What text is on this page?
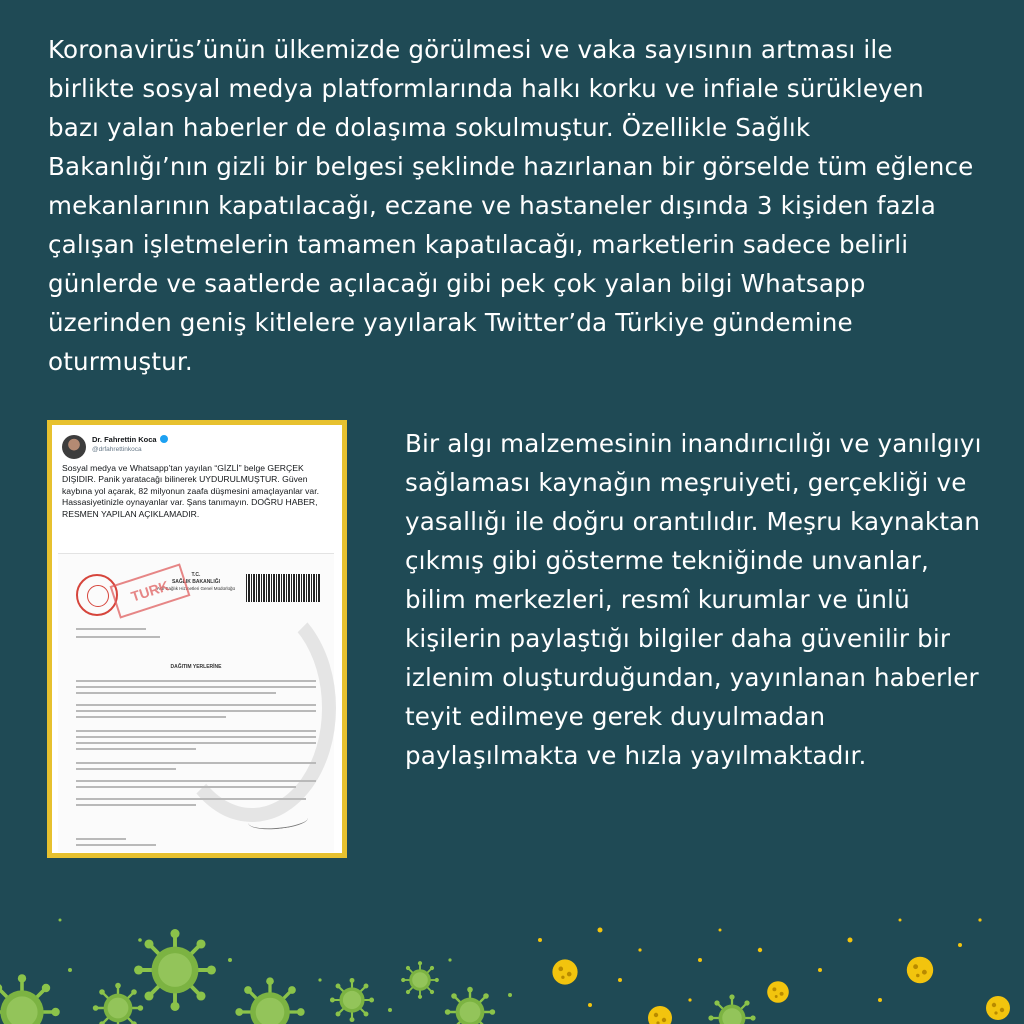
Koronavirüs’ünün ülkemizde görülmesi ve vaka sayısının artması ile birlikte sosyal medya platformlarında halkı korku ve infiale sürükleyen bazı yalan haberler de dolaşıma sokulmuştur. Özellikle Sağlık Bakanlığı’nın gizli bir belgesi şeklinde hazırlanan bir görselde tüm eğlence mekanlarının kapatılacağı, eczane ve hastaneler dışında 3 kişiden fazla çalışan işletmelerin tamamen kapatılacağı, marketlerin sadece belirli günlerde ve saatlerde açılacağı gibi pek çok yalan bilgi Whatsapp üzerinden geniş kitlelere yayılarak Twitter’da Türkiye gündemine oturmuştur.

Dr. Fahrettin Koca
@drfahrettinkoca

Sosyal medya ve Whatsapp’tan yayılan “GİZLİ” belge GERÇEK DIŞIDIR. Panik yaratacağı bilinerek UYDURULMUŞTUR. Güven kaybına yol açarak, 82 milyonun zaafa düşmesini amaçlayanlar var. Hassasiyetinizle oynayanlar var. Şans tanımayın. DOĞRU HABER, RESMEN YAPILAN AÇIKLAMADIR.

T.C.
SAĞLIK BAKANLIĞI
Acil Sağlık Hizmetleri Genel Müdürlüğü
TURK
DAĞITIM YERLERİNE

Bir algı malzemesinin inandırıcılığı ve yanılgıyı sağlaması kaynağın meşruiyeti, gerçekliği ve yasallığı ile doğru orantılıdır. Meşru kaynaktan çıkmış gibi gösterme tekniğinde unvanlar, bilim merkezleri, resmî kurumlar ve ünlü kişilerin paylaştığı bilgiler daha güvenilir bir izlenim oluşturduğundan, yayınlanan haberler teyit edilmeye gerek duyulmadan paylaşılmakta ve hızla yayılmaktadır.
